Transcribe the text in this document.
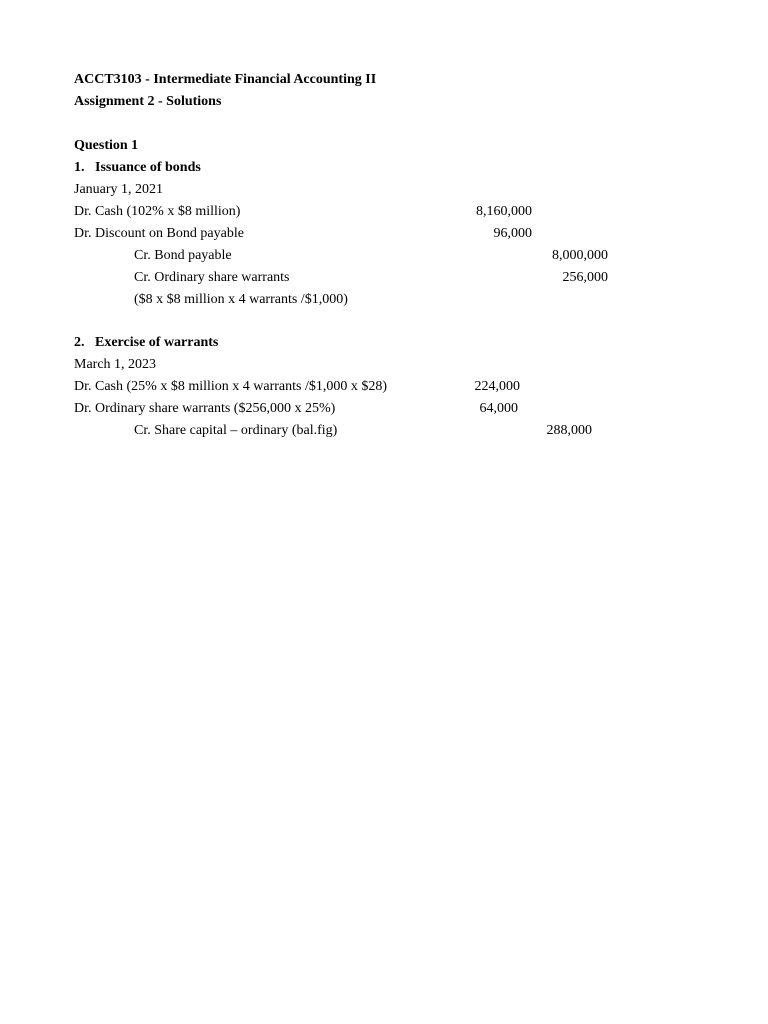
ACCT3103 - Intermediate Financial Accounting II
Assignment 2 - Solutions
Question 1
1.   Issuance of bonds
January 1, 2021
Dr. Cash (102% x $8 million)	8,160,000
Dr. Discount on Bond payable	96,000
Cr. Bond payable	8,000,000
Cr. Ordinary share warrants	256,000
($8 x $8 million x 4 warrants /$1,000)
2.   Exercise of warrants
March 1, 2023
Dr. Cash (25% x $8 million x 4 warrants /$1,000 x $28)	224,000
Dr. Ordinary share warrants ($256,000 x 25%)	64,000
Cr. Share capital – ordinary (bal.fig)	288,000
